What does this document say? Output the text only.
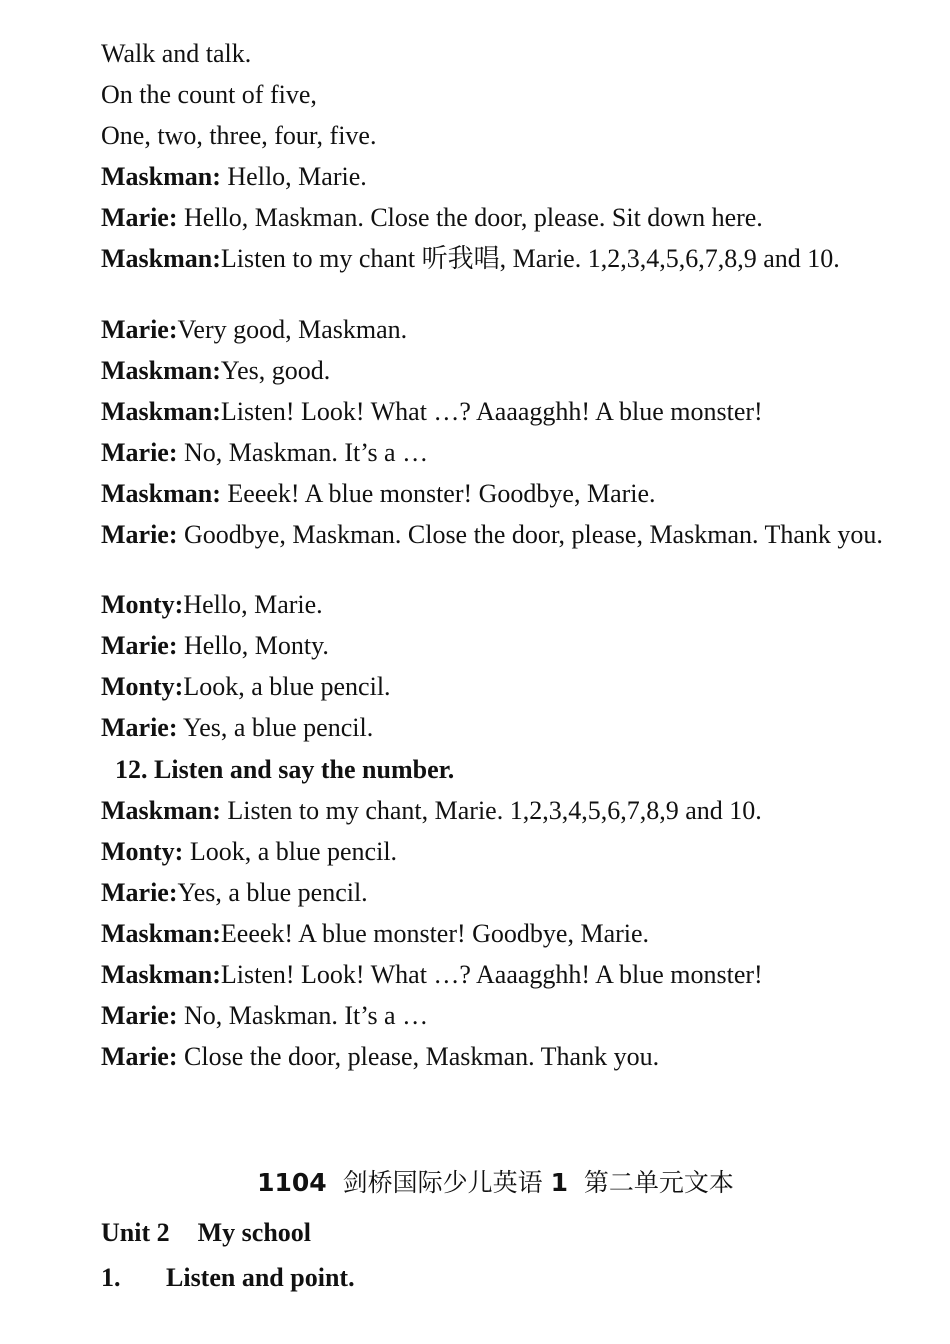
Walk and talk.
On the count of five,
One, two, three, four, five.
Maskman: Hello, Marie.
Marie: Hello, Maskman. Close the door, please. Sit down here.
Maskman:Listen to my chant 听我唱, Marie. 1,2,3,4,5,6,7,8,9 and 10.
Marie:Very good, Maskman.
Maskman:Yes, good.
Maskman:Listen! Look! What …? Aaaagghh! A blue monster!
Marie: No, Maskman. It’s a …
Maskman: Eeeek! A blue monster! Goodbye, Marie.
Marie: Goodbye, Maskman. Close the door, please, Maskman. Thank you.
Monty:Hello, Marie.
Marie: Hello, Monty.
Monty:Look, a blue pencil.
Marie: Yes, a blue pencil.
12. Listen and say the number.
Maskman: Listen to my chant, Marie. 1,2,3,4,5,6,7,8,9 and 10.
Monty: Look, a blue pencil.
Marie:Yes, a blue pencil.
Maskman:Eeeek! A blue monster! Goodbye, Marie.
Maskman:Listen! Look! What …? Aaaagghh! A blue monster!
Marie: No, Maskman. It’s a …
Marie: Close the door, please, Maskman. Thank you.
1104 剑桥国际少儿英语 1 第二单元文本
Unit 2 My school
1. Listen and point.
